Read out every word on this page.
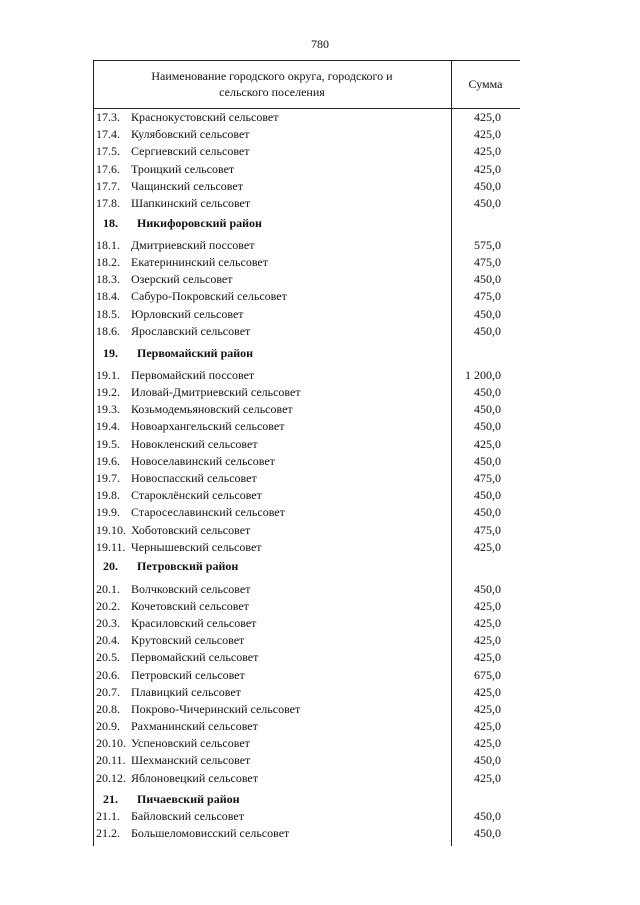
780
Наименование городского округа, городского и
сельского поселения
Сумма
17.3. Краснокустовский сельсовет	425,0
17.4. Кулябовский сельсовет	425,0
17.5. Сергиевский сельсовет	425,0
17.6. Троицкий сельсовет	425,0
17.7. Чащинский сельсовет	450,0
17.8. Шапкинский сельсовет	450,0
18.	Никифоровский район
18.1. Дмитриевский поссовет	575,0
18.2. Екатерининский сельсовет	475,0
18.3. Озерский сельсовет	450,0
18.4. Сабуро-Покровский сельсовет	475,0
18.5. Юрловский сельсовет	450,0
18.6. Ярославский сельсовет	450,0
19.	Первомайский район
19.1. Первомайский поссовет	1 200,0
19.2. Иловай-Дмитриевский сельсовет	450,0
19.3. Козьмодемьяновский сельсовет	450,0
19.4. Новоархангельский сельсовет	450,0
19.5. Новокленский сельсовет	425,0
19.6. Новоселавинский сельсовет	450,0
19.7. Новоспасский сельсовет	475,0
19.8. Староклёнский сельсовет	450,0
19.9. Старосеславинский сельсовет	450,0
19.10. Хоботовский сельсовет	475,0
19.11. Чернышевский сельсовет	425,0
20.	Петровский район
20.1. Волчковский сельсовет	450,0
20.2. Кочетовский сельсовет	425,0
20.3. Красиловский сельсовет	425,0
20.4. Крутовский сельсовет	425,0
20.5. Первомайский сельсовет	425,0
20.6. Петровский сельсовет	675,0
20.7. Плавицкий сельсовет	425,0
20.8. Покрово-Чичеринский сельсовет	425,0
20.9. Рахманинский сельсовет	425,0
20.10. Успеновский сельсовет	425,0
20.11. Шехманский сельсовет	450,0
20.12. Яблоновецкий сельсовет	425,0
21.	Пичаевский район
21.1. Байловский сельсовет	450,0
21.2. Большеломовисский сельсовет	450,0
